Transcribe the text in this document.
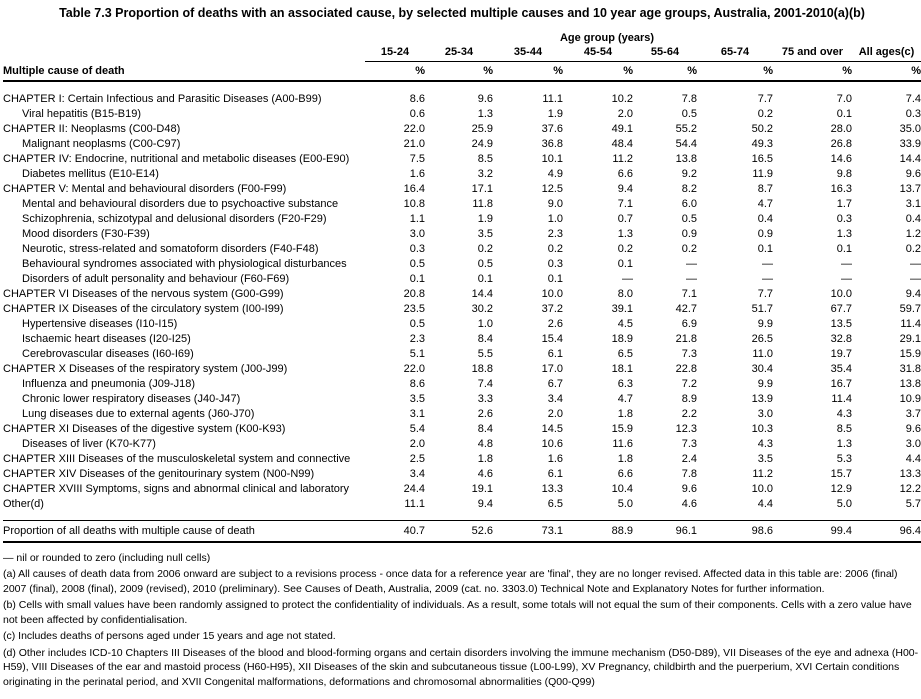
Table 7.3 Proportion of deaths with an associated cause, by selected multiple causes and 10 year age groups, Australia, 2001-2010(a)(b)
	Age group (years)							
	15-24	25-34	35-44	45-54	55-64	65-74	75 and over	All ages(c)
Multiple cause of death	%	%	%	%	%	%	%	%

CHAPTER I: Certain Infectious and Parasitic Diseases (A00-B99)	8.6	9.6	11.1	10.2	7.8	7.7	7.0	7.4
Viral hepatitis (B15-B19)	0.6	1.3	1.9	2.0	0.5	0.2	0.1	0.3
CHAPTER II: Neoplasms (C00-D48)	22.0	25.9	37.6	49.1	55.2	50.2	28.0	35.0
Malignant neoplasms (C00-C97)	21.0	24.9	36.8	48.4	54.4	49.3	26.8	33.9
CHAPTER IV: Endocrine, nutritional and metabolic diseases (E00-E90)	7.5	8.5	10.1	11.2	13.8	16.5	14.6	14.4
Diabetes mellitus (E10-E14)	1.6	3.2	4.9	6.6	9.2	11.9	9.8	9.6
CHAPTER V: Mental and behavioural disorders (F00-F99)	16.4	17.1	12.5	9.4	8.2	8.7	16.3	13.7
Mental and behavioural disorders due to psychoactive substance	10.8	11.8	9.0	7.1	6.0	4.7	1.7	3.1
Schizophrenia, schizotypal and delusional disorders (F20-F29)	1.1	1.9	1.0	0.7	0.5	0.4	0.3	0.4
Mood disorders (F30-F39)	3.0	3.5	2.3	1.3	0.9	0.9	1.3	1.2
Neurotic, stress-related and somatoform disorders (F40-F48)	0.3	0.2	0.2	0.2	0.2	0.1	0.1	0.2
Behavioural syndromes associated with physiological disturbances	0.5	0.5	0.3	0.1	—	—	—	—
Disorders of adult personality and behaviour (F60-F69)	0.1	0.1	0.1	—	—	—	—	—
CHAPTER VI Diseases of the nervous system (G00-G99)	20.8	14.4	10.0	8.0	7.1	7.7	10.0	9.4
CHAPTER IX Diseases of the circulatory system (I00-I99)	23.5	30.2	37.2	39.1	42.7	51.7	67.7	59.7
Hypertensive diseases (I10-I15)	0.5	1.0	2.6	4.5	6.9	9.9	13.5	11.4
Ischaemic heart diseases (I20-I25)	2.3	8.4	15.4	18.9	21.8	26.5	32.8	29.1
Cerebrovascular diseases (I60-I69)	5.1	5.5	6.1	6.5	7.3	11.0	19.7	15.9
CHAPTER X Diseases of the respiratory system (J00-J99)	22.0	18.8	17.0	18.1	22.8	30.4	35.4	31.8
Influenza and pneumonia (J09-J18)	8.6	7.4	6.7	6.3	7.2	9.9	16.7	13.8
Chronic lower respiratory diseases (J40-J47)	3.5	3.3	3.4	4.7	8.9	13.9	11.4	10.9
Lung diseases due to external agents (J60-J70)	3.1	2.6	2.0	1.8	2.2	3.0	4.3	3.7
CHAPTER XI Diseases of the digestive system (K00-K93)	5.4	8.4	14.5	15.9	12.3	10.3	8.5	9.6
Diseases of liver (K70-K77)	2.0	4.8	10.6	11.6	7.3	4.3	1.3	3.0
CHAPTER XIII Diseases of the musculoskeletal system and connective	2.5	1.8	1.6	1.8	2.4	3.5	5.3	4.4
CHAPTER XIV Diseases of the genitourinary system (N00-N99)	3.4	4.6	6.1	6.6	7.8	11.2	15.7	13.3
CHAPTER XVIII Symptoms, signs and abnormal clinical and laboratory	24.4	19.1	13.3	10.4	9.6	10.0	12.9	12.2
Other(d)	11.1	9.4	6.5	5.0	4.6	4.4	5.0	5.7

Proportion of all deaths with multiple cause of death	40.7	52.6	73.1	88.9	96.1	98.6	99.4	96.4

— nil or rounded to zero (including null cells)

(a) All causes of death data from 2006 onward are subject to a revisions process - once data for a reference year are 'final', they are no longer revised. Affected data in this table are: 2006 (final) 2007 (final), 2008 (final), 2009 (revised), 2010 (preliminary). See Causes of Death, Australia, 2009 (cat. no. 3303.0) Technical Note and Explanatory Notes for further information.

(b) Cells with small values have been randomly assigned to protect the confidentiality of individuals. As a result, some totals will not equal the sum of their components. Cells with a zero value have not been affected by confidentialisation.

(c) Includes deaths of persons aged under 15 years and age not stated.

(d) Other includes ICD-10 Chapters III Diseases of the blood and blood-forming organs and certain disorders involving the immune mechanism (D50-D89), VII Diseases of the eye and adnexa (H00-H59), VIII Diseases of the ear and mastoid process (H60-H95), XII Diseases of the skin and subcutaneous tissue (L00-L99), XV Pregnancy, childbirth and the puerperium, XVI Certain conditions originating in the perinatal period, and XVII Congenital malformations, deformations and chromosomal abnormalities (Q00-Q99)
